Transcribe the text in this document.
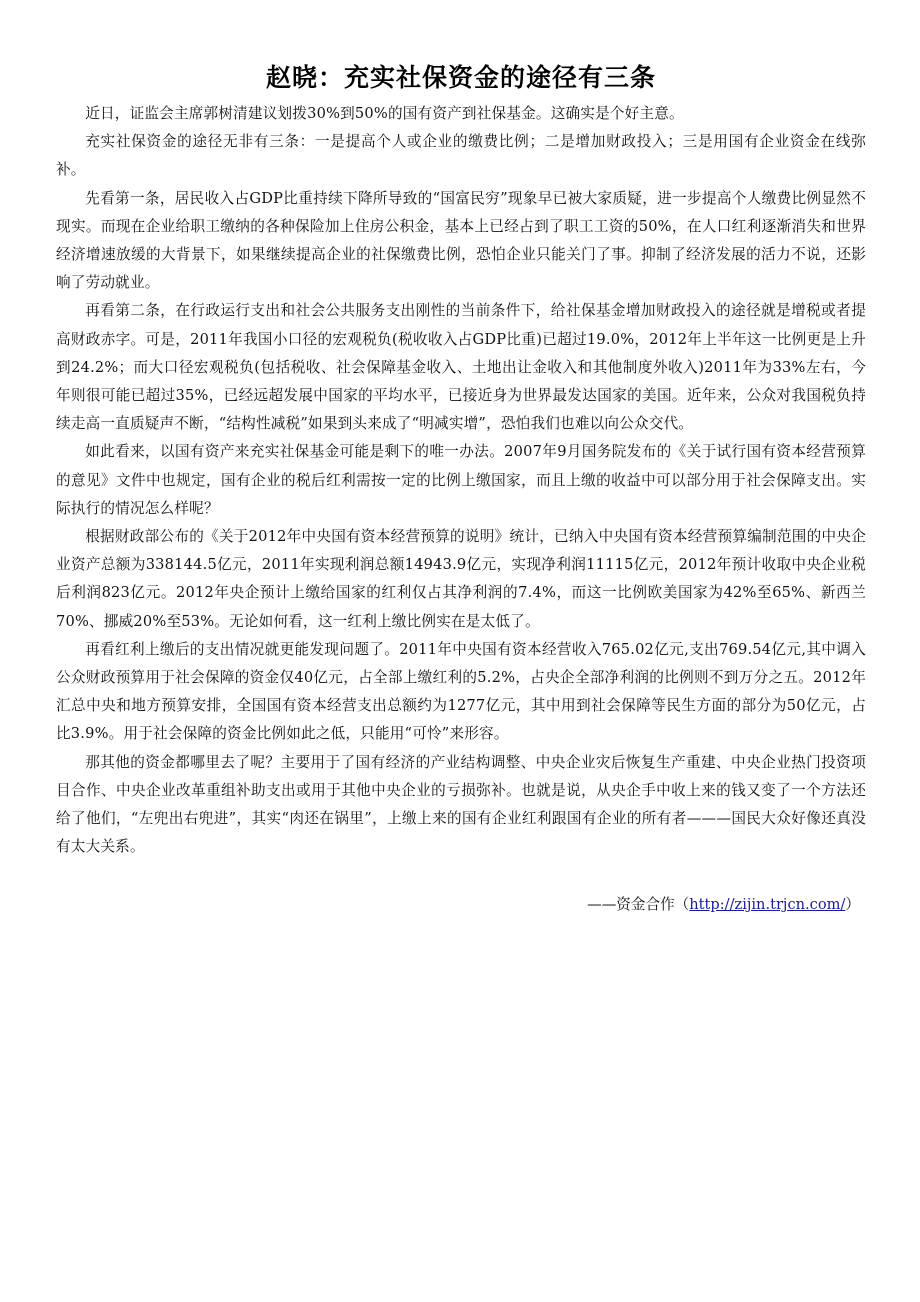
赵晓：充实社保资金的途径有三条

近日，证监会主席郭树清建议划拨30%到50%的国有资产到社保基金。这确实是个好主意。

充实社保资金的途径无非有三条：一是提高个人或企业的缴费比例；二是增加财政投入；三是用国有企业资金在线弥补。

先看第一条，居民收入占GDP比重持续下降所导致的“国富民穷”现象早已被大家质疑，进一步提高个人缴费比例显然不现实。而现在企业给职工缴纳的各种保险加上住房公积金，基本上已经占到了职工工资的50%，在人口红利逐渐消失和世界经济增速放缓的大背景下，如果继续提高企业的社保缴费比例，恐怕企业只能关门了事。抑制了经济发展的活力不说，还影响了劳动就业。

再看第二条，在行政运行支出和社会公共服务支出刚性的当前条件下，给社保基金增加财政投入的途径就是增税或者提高财政赤字。可是，2011年我国小口径的宏观税负(税收收入占GDP比重)已超过19.0%，2012年上半年这一比例更是上升到24.2%；而大口径宏观税负(包括税收、社会保障基金收入、土地出让金收入和其他制度外收入)2011年为33%左右，今年则很可能已超过35%，已经远超发展中国家的平均水平，已接近身为世界最发达国家的美国。近年来，公众对我国税负持续走高一直质疑声不断，“结构性减税”如果到头来成了“明减实增”，恐怕我们也难以向公众交代。

如此看来，以国有资产来充实社保基金可能是剩下的唯一办法。2007年9月国务院发布的《关于试行国有资本经营预算的意见》文件中也规定，国有企业的税后红利需按一定的比例上缴国家，而且上缴的收益中可以部分用于社会保障支出。实际执行的情况怎么样呢？

根据财政部公布的《关于2012年中央国有资本经营预算的说明》统计，已纳入中央国有资本经营预算编制范围的中央企业资产总额为338144.5亿元，2011年实现利润总额14943.9亿元，实现净利润11115亿元，2012年预计收取中央企业税后利润823亿元。2012年央企预计上缴给国家的红利仅占其净利润的7.4%，而这一比例欧美国家为42%至65%、新西兰70%、挪威20%至53%。无论如何看，这一红利上缴比例实在是太低了。

再看红利上缴后的支出情况就更能发现问题了。2011年中央国有资本经营收入765.02亿元,支出769.54亿元,其中调入公众财政预算用于社会保障的资金仅40亿元，占全部上缴红利的5.2%，占央企全部净利润的比例则不到万分之五。2012年汇总中央和地方预算安排，全国国有资本经营支出总额约为1277亿元，其中用到社会保障等民生方面的部分为50亿元，占比3.9%。用于社会保障的资金比例如此之低，只能用“可怜”来形容。

那其他的资金都哪里去了呢？主要用于了国有经济的产业结构调整、中央企业灾后恢复生产重建、中央企业热门投资项目合作、中央企业改革重组补助支出或用于其他中央企业的亏损弥补。也就是说，从央企手中收上来的钱又变了一个方法还给了他们，“左兜出右兜进”，其实“肉还在锅里”，上缴上来的国有企业红利跟国有企业的所有者———国民大众好像还真没有太大关系。

——资金合作（http://zijin.trjcn.com/）
